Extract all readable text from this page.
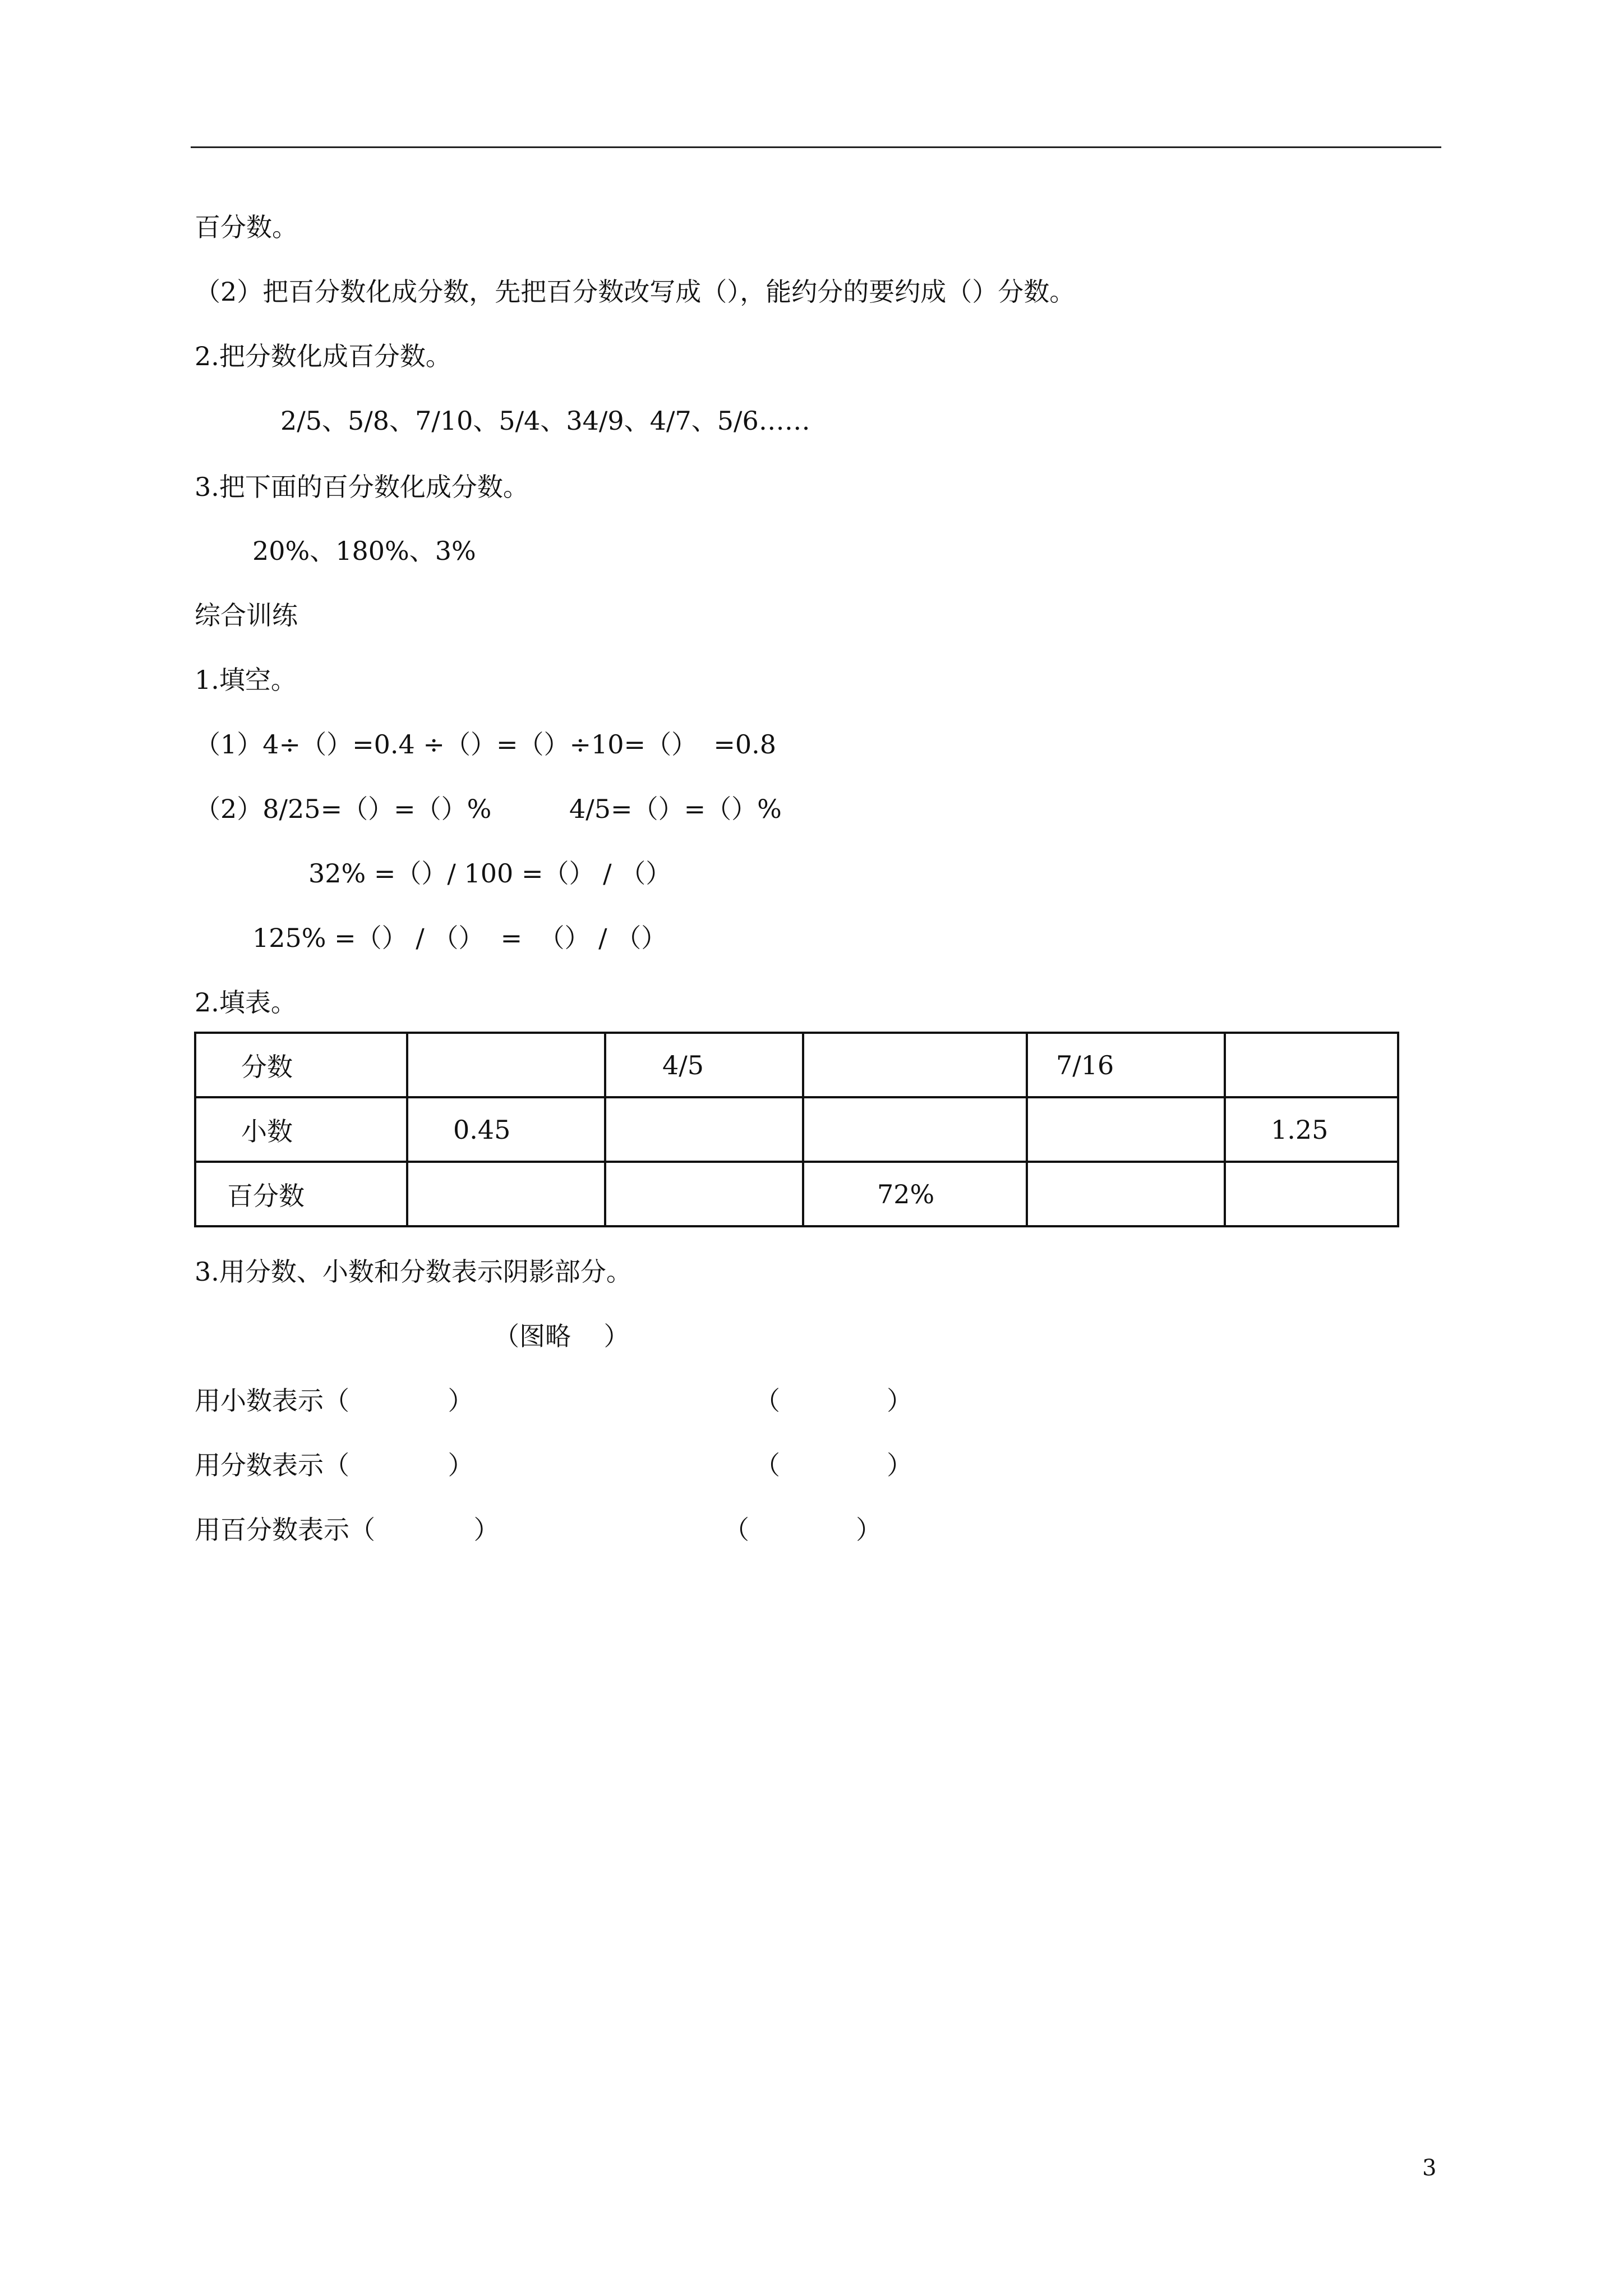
百分数。
（2）把百分数化成分数，先把百分数改写成（），能约分的要约成（）分数。
2.把分数化成百分数。
2/5、5/8、7/10、5/4、34/9、4/7、5/6……
3.把下面的百分数化成分数。
20%、180%、3%
综合训练
1.填空。
（1）4÷（）=0.4 ÷（）=（）÷10=（）  =0.8
（2）8/25=（）=（）%	4/5=（）=（）%
32% =（）/ 100 =（） / （）
125% =（） / （）  =  （） / （）
2.填表。
分数		4/5		7/16	
小数	0.45				1.25
百分数			72%		
3.用分数、小数和分数表示阴影部分。
（图略    ）
用小数表示（            ）	（             ）
用分数表示（            ）	（             ）
用百分数表示（            ）	（             ）
3
